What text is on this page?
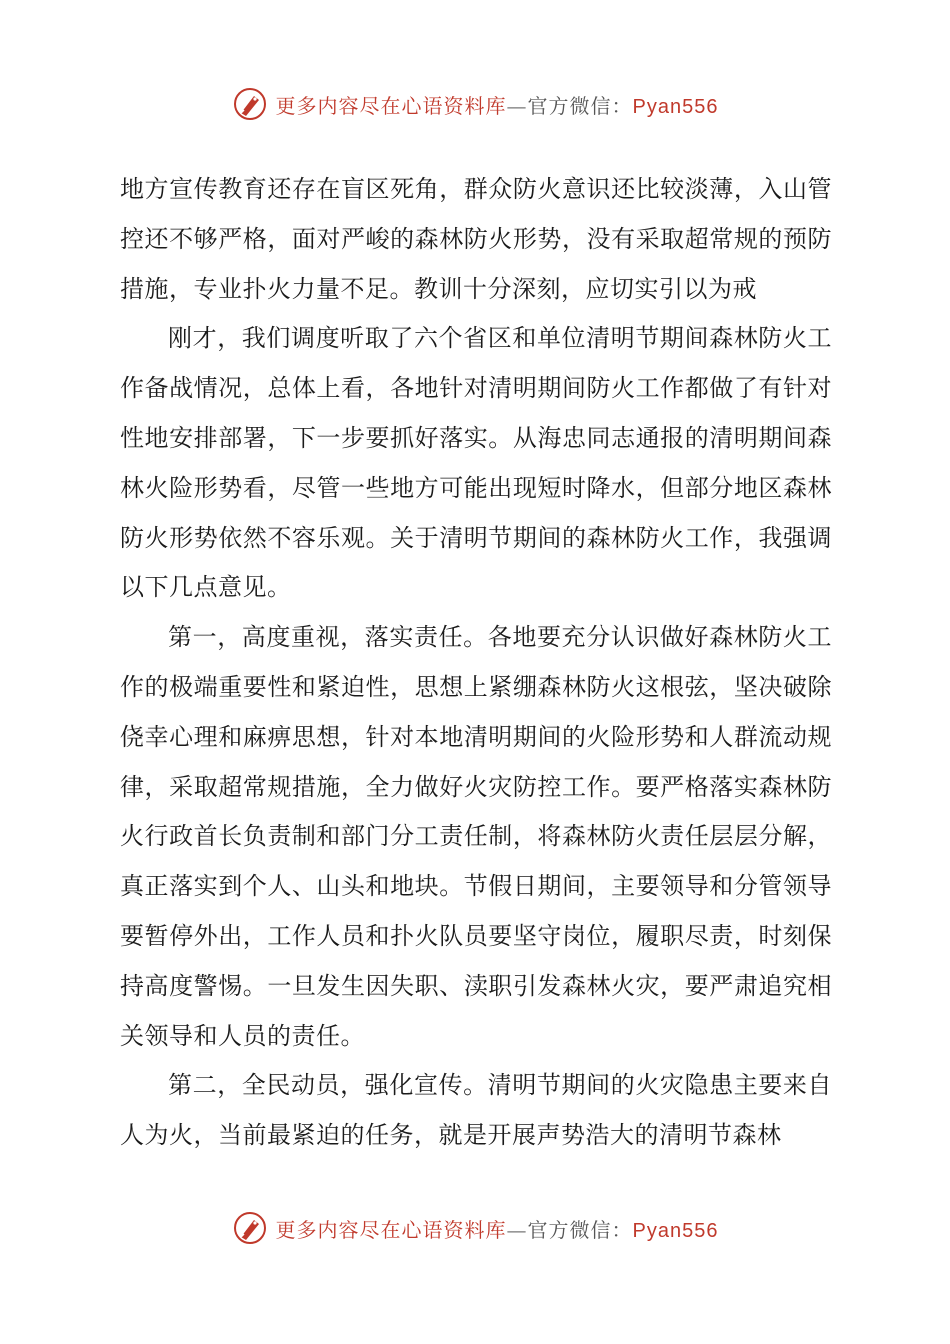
更多内容尽在心语资料库—官方微信：Pyan556

地方宣传教育还存在盲区死角，群众防火意识还比较淡薄，入山管控还不够严格，面对严峻的森林防火形势，没有采取超常规的预防措施，专业扑火力量不足。教训十分深刻，应切实引以为戒

刚才，我们调度听取了六个省区和单位清明节期间森林防火工作备战情况，总体上看，各地针对清明期间防火工作都做了有针对性地安排部署，下一步要抓好落实。从海忠同志通报的清明期间森林火险形势看，尽管一些地方可能出现短时降水，但部分地区森林防火形势依然不容乐观。关于清明节期间的森林防火工作，我强调以下几点意见。

第一，高度重视，落实责任。各地要充分认识做好森林防火工作的极端重要性和紧迫性，思想上紧绷森林防火这根弦，坚决破除侥幸心理和麻痹思想，针对本地清明期间的火险形势和人群流动规律，采取超常规措施，全力做好火灾防控工作。要严格落实森林防火行政首长负责制和部门分工责任制，将森林防火责任层层分解，真正落实到个人、山头和地块。节假日期间，主要领导和分管领导要暂停外出，工作人员和扑火队员要坚守岗位，履职尽责，时刻保持高度警惕。一旦发生因失职、渎职引发森林火灾，要严肃追究相关领导和人员的责任。

第二，全民动员，强化宣传。清明节期间的火灾隐患主要来自人为火，当前最紧迫的任务，就是开展声势浩大的清明节森林

更多内容尽在心语资料库—官方微信：Pyan556
